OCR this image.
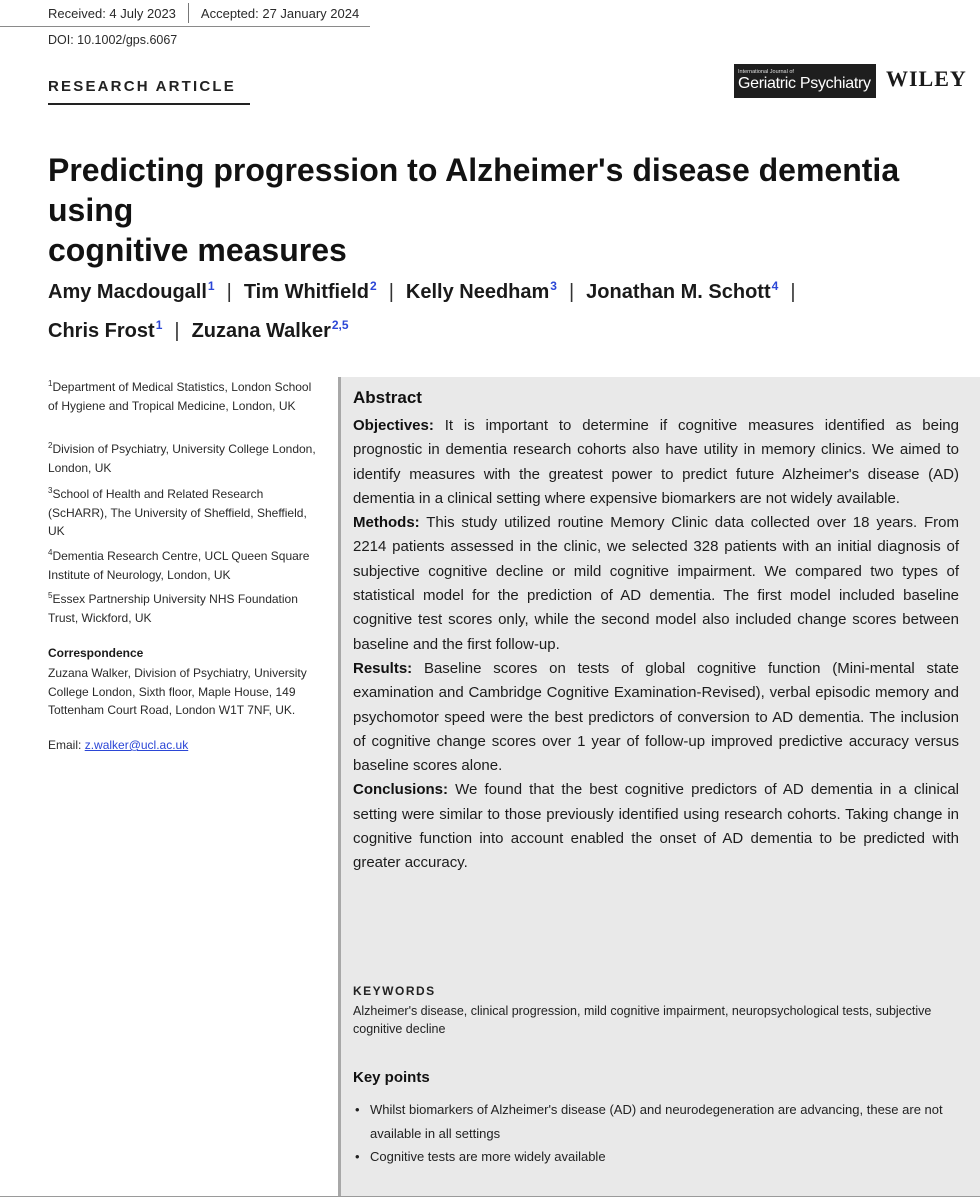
Received: 4 July 2023	Accepted: 27 January 2024
DOI: 10.1002/gps.6067
RESEARCH ARTICLE
International Journal of
Geriatric Psychiatry WILEY
Predicting progression to Alzheimer's disease dementia using
cognitive measures
Amy Macdougall$^1$ | Tim Whitfield$^2$ | Kelly Needham$^3$ | Jonathan M. Schott$^4$ |
Chris Frost$^1$ | Zuzana Walker$^{2,5}$
$^1$Department of Medical Statistics, London School of Hygiene and Tropical Medicine, London, UK
$^2$Division of Psychiatry, University College London, London, UK
$^3$School of Health and Related Research (ScHARR), The University of Sheffield, Sheffield, UK
$^4$Dementia Research Centre, UCL Queen Square Institute of Neurology, London, UK
$^5$Essex Partnership University NHS Foundation Trust, Wickford, UK
Correspondence
Zuzana Walker, Division of Psychiatry, University College London, Sixth floor, Maple House, 149 Tottenham Court Road, London W1T 7NF, UK.
Email: z.walker@ucl.ac.uk
Abstract

Objectives: It is important to determine if cognitive measures identified as being prognostic in dementia research cohorts also have utility in memory clinics. We aimed to identify measures with the greatest power to predict future Alzheimer's disease (AD) dementia in a clinical setting where expensive biomarkers are not widely available.

Methods: This study utilized routine Memory Clinic data collected over 18 years. From 2214 patients assessed in the clinic, we selected 328 patients with an initial diagnosis of subjective cognitive decline or mild cognitive impairment. We compared two types of statistical model for the prediction of AD dementia. The first model included baseline cognitive test scores only, while the second model also included change scores between baseline and the first follow-up.

Results: Baseline scores on tests of global cognitive function (Mini-mental state examination and Cambridge Cognitive Examination-Revised), verbal episodic memory and psychomotor speed were the best predictors of conversion to AD dementia. The inclusion of cognitive change scores over 1 year of follow-up improved predictive accuracy versus baseline scores alone.

Conclusions: We found that the best cognitive predictors of AD dementia in a clinical setting were similar to those previously identified using research cohorts. Taking change in cognitive function into account enabled the onset of AD dementia to be predicted with greater accuracy.

KEYWORDS
Alzheimer's disease, clinical progression, mild cognitive impairment, neuropsychological tests, subjective cognitive decline
Key points
• Whilst biomarkers of Alzheimer's disease (AD) and neurodegeneration are advancing, these are not available in all settings
• Cognitive tests are more widely available
